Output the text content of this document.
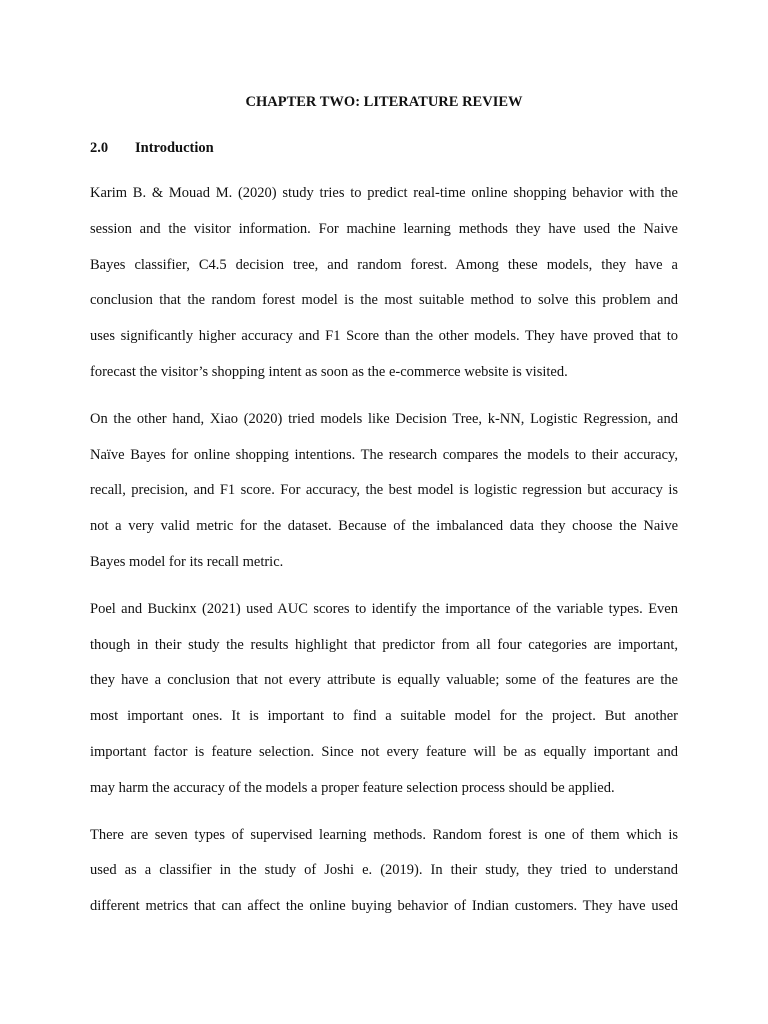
CHAPTER TWO: LITERATURE REVIEW
2.0	Introduction

Karim B. & Mouad M. (2020) study tries to predict real-time online shopping behavior with the
session and the visitor information. For machine learning methods they have used the Naive
Bayes classifier, C4.5 decision tree, and random forest. Among these models, they have a
conclusion that the random forest model is the most suitable method to solve this problem and
uses significantly higher accuracy and F1 Score than the other models. They have proved that to
forecast the visitor’s shopping intent as soon as the e-commerce website is visited.

On the other hand, Xiao (2020) tried models like Decision Tree, k-NN, Logistic Regression, and
Naïve Bayes for online shopping intentions. The research compares the models to their accuracy,
recall, precision, and F1 score. For accuracy, the best model is logistic regression but accuracy is
not a very valid metric for the dataset. Because of the imbalanced data they choose the Naive
Bayes model for its recall metric.

Poel and Buckinx (2021) used AUC scores to identify the importance of the variable types. Even
though in their study the results highlight that predictor from all four categories are important,
they have a conclusion that not every attribute is equally valuable; some of the features are the
most important ones. It is important to find a suitable model for the project. But another
important factor is feature selection. Since not every feature will be as equally important and
may harm the accuracy of the models a proper feature selection process should be applied.

There are seven types of supervised learning methods. Random forest is one of them which is
used as a classifier in the study of Joshi e. (2019). In their study, they tried to understand
different metrics that can affect the online buying behavior of Indian customers. They have used
